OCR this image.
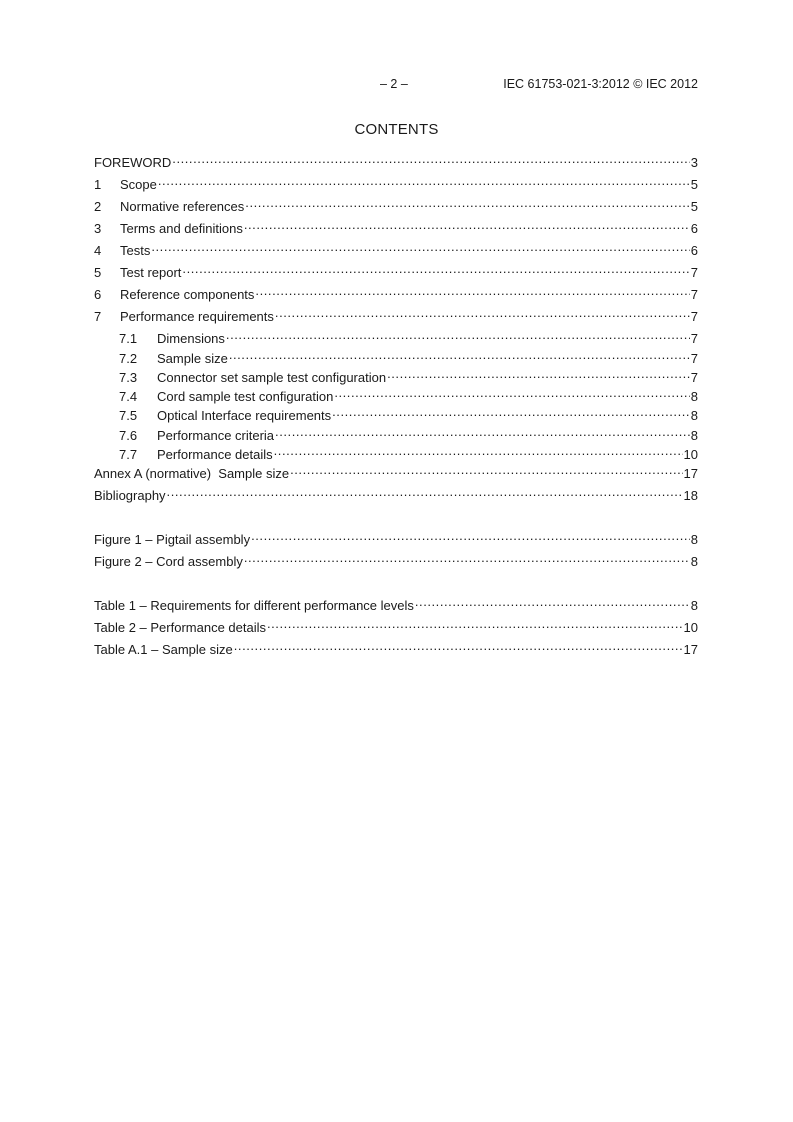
– 2 –	IEC 61753-021-3:2012 © IEC 2012
CONTENTS
FOREWORD .....	3
1	Scope .....	5
2	Normative references .....	5
3	Terms and definitions .....	6
4	Tests .....	6
5	Test report .....	7
6	Reference components .....	7
7	Performance requirements .....	7
7.1	Dimensions .....	7
7.2	Sample size .....	7
7.3	Connector set sample test configuration .....	7
7.4	Cord sample test configuration .....	8
7.5	Optical Interface requirements .....	8
7.6	Performance criteria .....	8
7.7	Performance details .....	10
Annex A (normative)  Sample size .....	17
Bibliography .....	18
Figure 1 – Pigtail assembly .....	8
Figure 2 – Cord assembly .....	8
Table 1 – Requirements for different performance levels .....	8
Table 2 – Performance details .....	10
Table A.1 – Sample size .....	17
